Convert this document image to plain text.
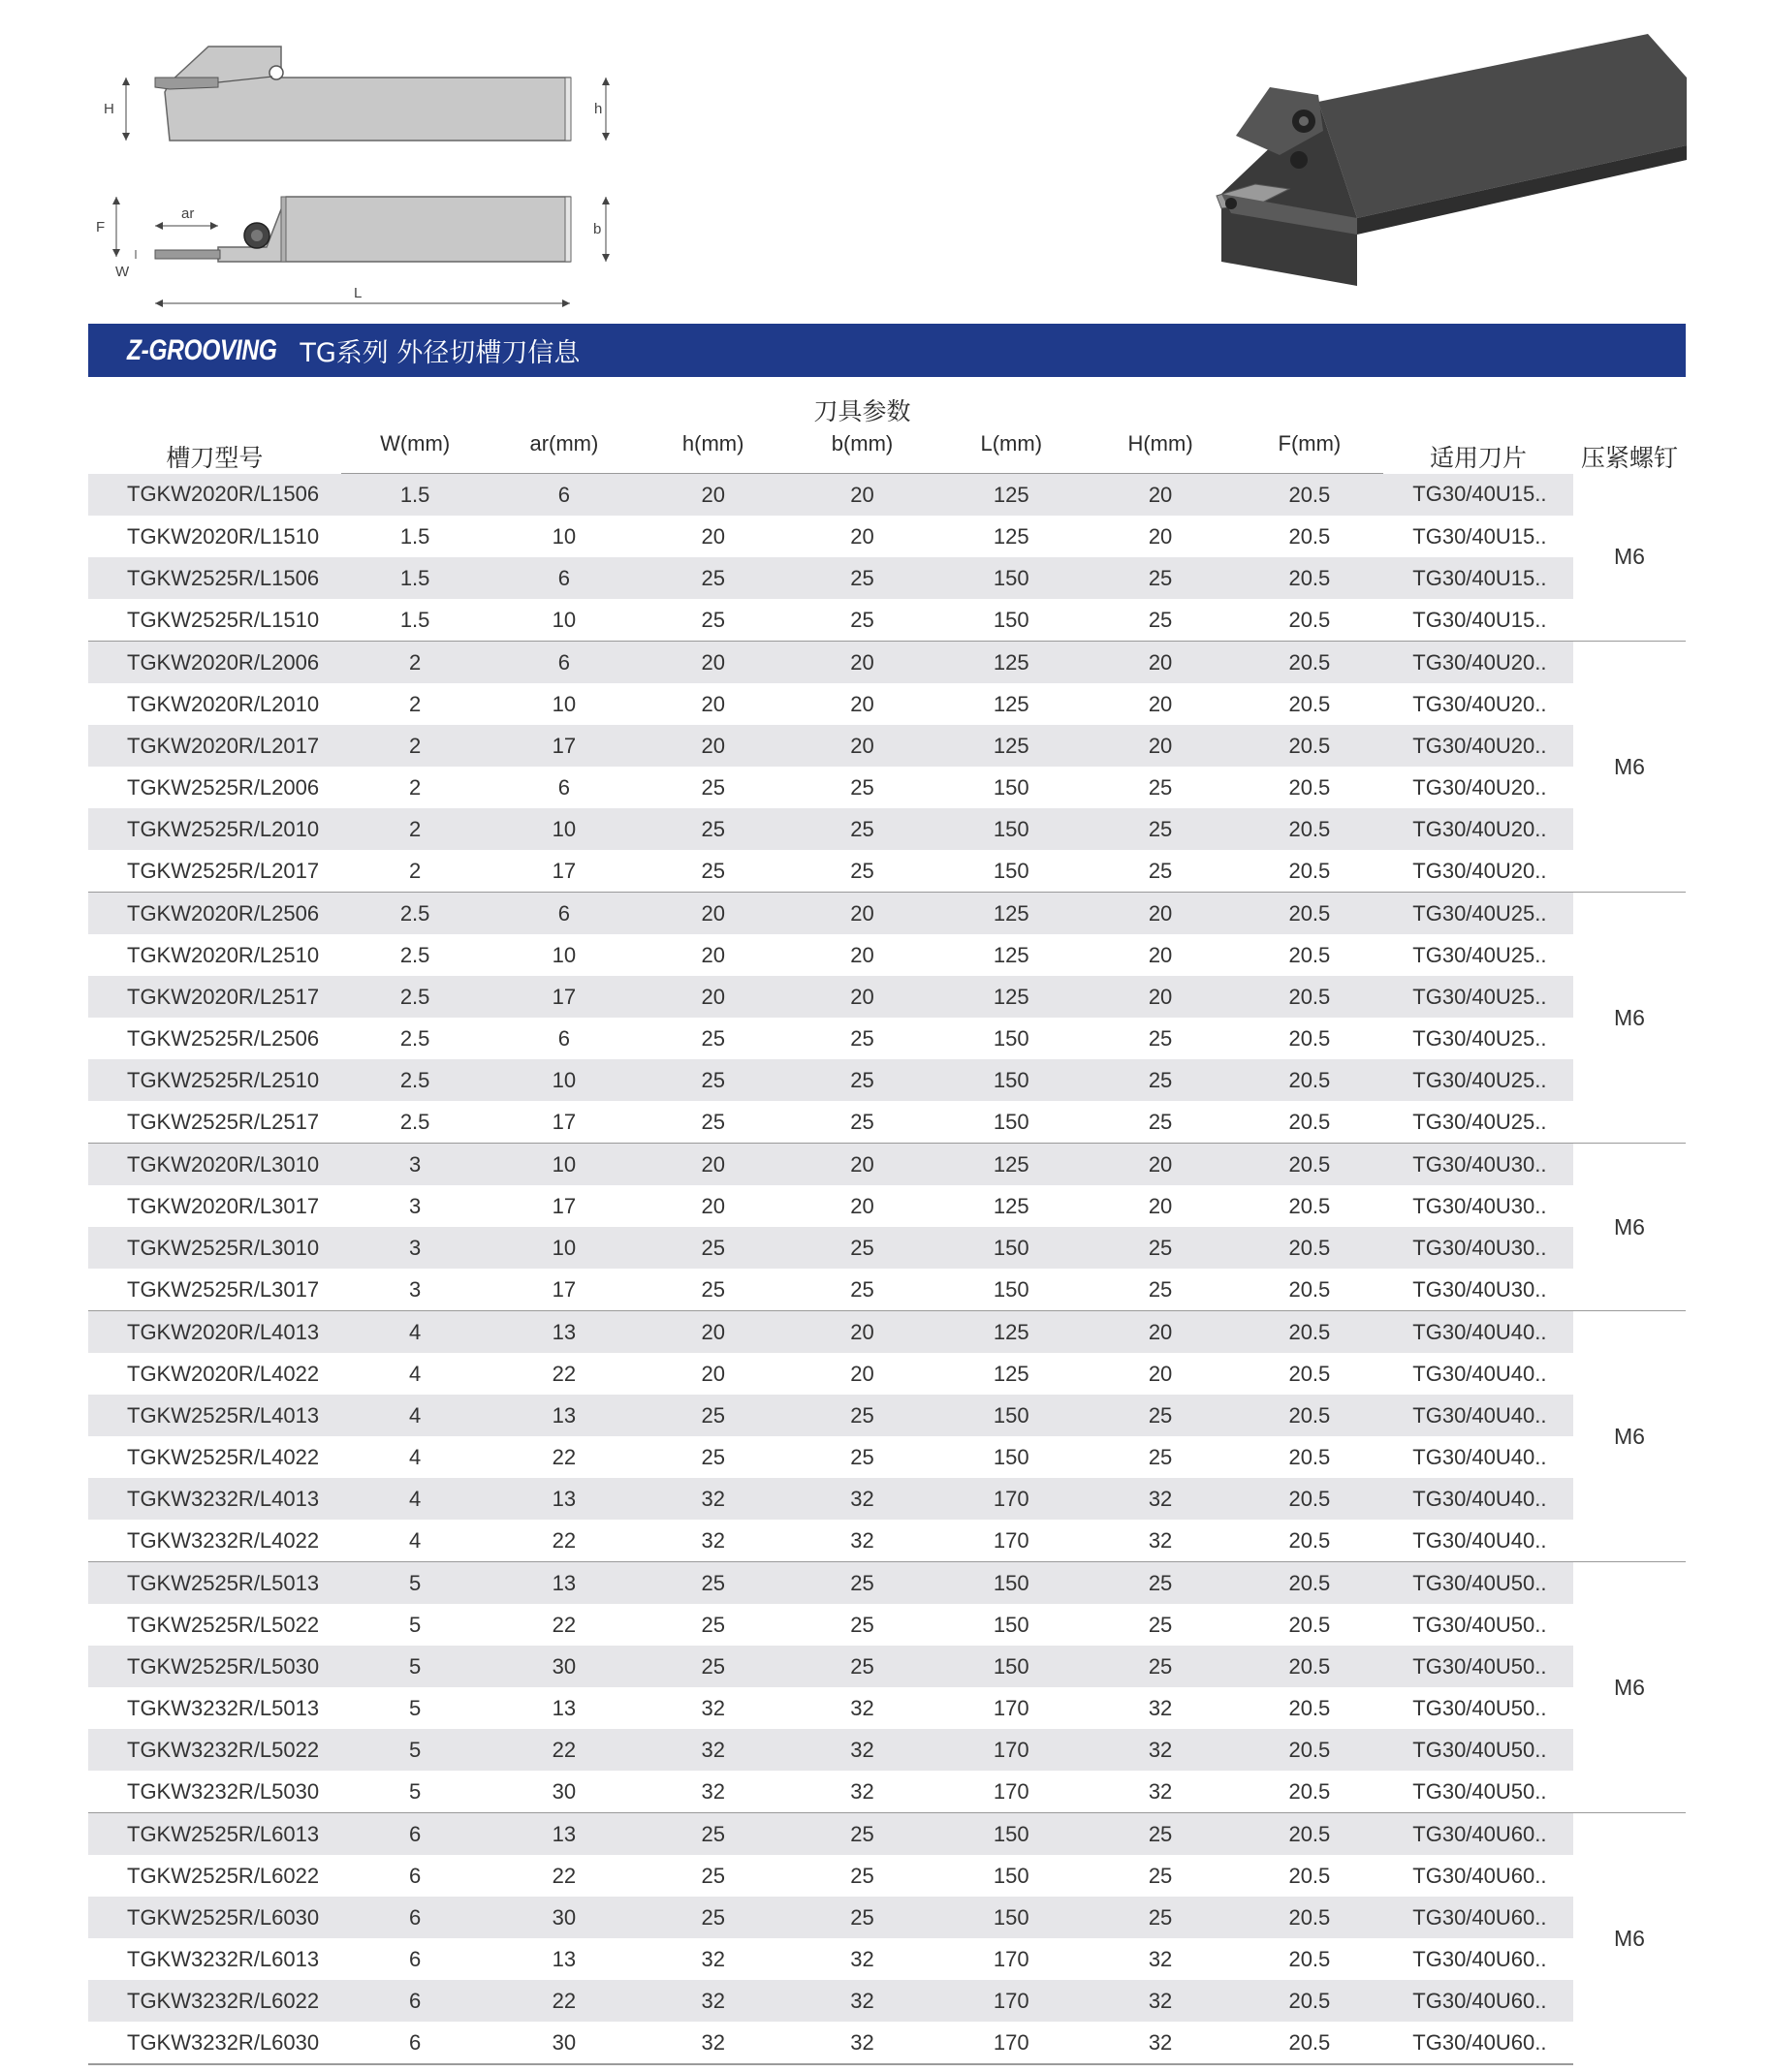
H	h
ar
F
W
b
L
Z-GROOVING TG系列 外径切槽刀信息
槽刀型号	刀具参数							适用刀片	压紧螺钉
	W(mm)	ar(mm)	h(mm)	b(mm)	L(mm)	H(mm)	F(mm)		
TGKW2020R/L1506	1.5	6	20	20	125	20	20.5	TG30/40U15..	M6
TGKW2020R/L1510	1.5	10	20	20	125	20	20.5	TG30/40U15..	
TGKW2525R/L1506	1.5	6	25	25	150	25	20.5	TG30/40U15..	
TGKW2525R/L1510	1.5	10	25	25	150	25	20.5	TG30/40U15..	
TGKW2020R/L2006	2	6	20	20	125	20	20.5	TG30/40U20..	M6
TGKW2020R/L2010	2	10	20	20	125	20	20.5	TG30/40U20..	
TGKW2020R/L2017	2	17	20	20	125	20	20.5	TG30/40U20..	
TGKW2525R/L2006	2	6	25	25	150	25	20.5	TG30/40U20..	
TGKW2525R/L2010	2	10	25	25	150	25	20.5	TG30/40U20..	
TGKW2525R/L2017	2	17	25	25	150	25	20.5	TG30/40U20..	
TGKW2020R/L2506	2.5	6	20	20	125	20	20.5	TG30/40U25..	M6
TGKW2020R/L2510	2.5	10	20	20	125	20	20.5	TG30/40U25..	
TGKW2020R/L2517	2.5	17	20	20	125	20	20.5	TG30/40U25..	
TGKW2525R/L2506	2.5	6	25	25	150	25	20.5	TG30/40U25..	
TGKW2525R/L2510	2.5	10	25	25	150	25	20.5	TG30/40U25..	
TGKW2525R/L2517	2.5	17	25	25	150	25	20.5	TG30/40U25..	
TGKW2020R/L3010	3	10	20	20	125	20	20.5	TG30/40U30..	M6
TGKW2020R/L3017	3	17	20	20	125	20	20.5	TG30/40U30..	
TGKW2525R/L3010	3	10	25	25	150	25	20.5	TG30/40U30..	
TGKW2525R/L3017	3	17	25	25	150	25	20.5	TG30/40U30..	
TGKW2020R/L4013	4	13	20	20	125	20	20.5	TG30/40U40..	M6
TGKW2020R/L4022	4	22	20	20	125	20	20.5	TG30/40U40..	
TGKW2525R/L4013	4	13	25	25	150	25	20.5	TG30/40U40..	
TGKW2525R/L4022	4	22	25	25	150	25	20.5	TG30/40U40..	
TGKW3232R/L4013	4	13	32	32	170	32	20.5	TG30/40U40..	
TGKW3232R/L4022	4	22	32	32	170	32	20.5	TG30/40U40..	
TGKW2525R/L5013	5	13	25	25	150	25	20.5	TG30/40U50..	M6
TGKW2525R/L5022	5	22	25	25	150	25	20.5	TG30/40U50..	
TGKW2525R/L5030	5	30	25	25	150	25	20.5	TG30/40U50..	
TGKW3232R/L5013	5	13	32	32	170	32	20.5	TG30/40U50..	
TGKW3232R/L5022	5	22	32	32	170	32	20.5	TG30/40U50..	
TGKW3232R/L5030	5	30	32	32	170	32	20.5	TG30/40U50..	
TGKW2525R/L6013	6	13	25	25	150	25	20.5	TG30/40U60..	M6
TGKW2525R/L6022	6	22	25	25	150	25	20.5	TG30/40U60..	
TGKW2525R/L6030	6	30	25	25	150	25	20.5	TG30/40U60..	
TGKW3232R/L6013	6	13	32	32	170	32	20.5	TG30/40U60..	
TGKW3232R/L6022	6	22	32	32	170	32	20.5	TG30/40U60..	
TGKW3232R/L6030	6	30	32	32	170	32	20.5	TG30/40U60..	
